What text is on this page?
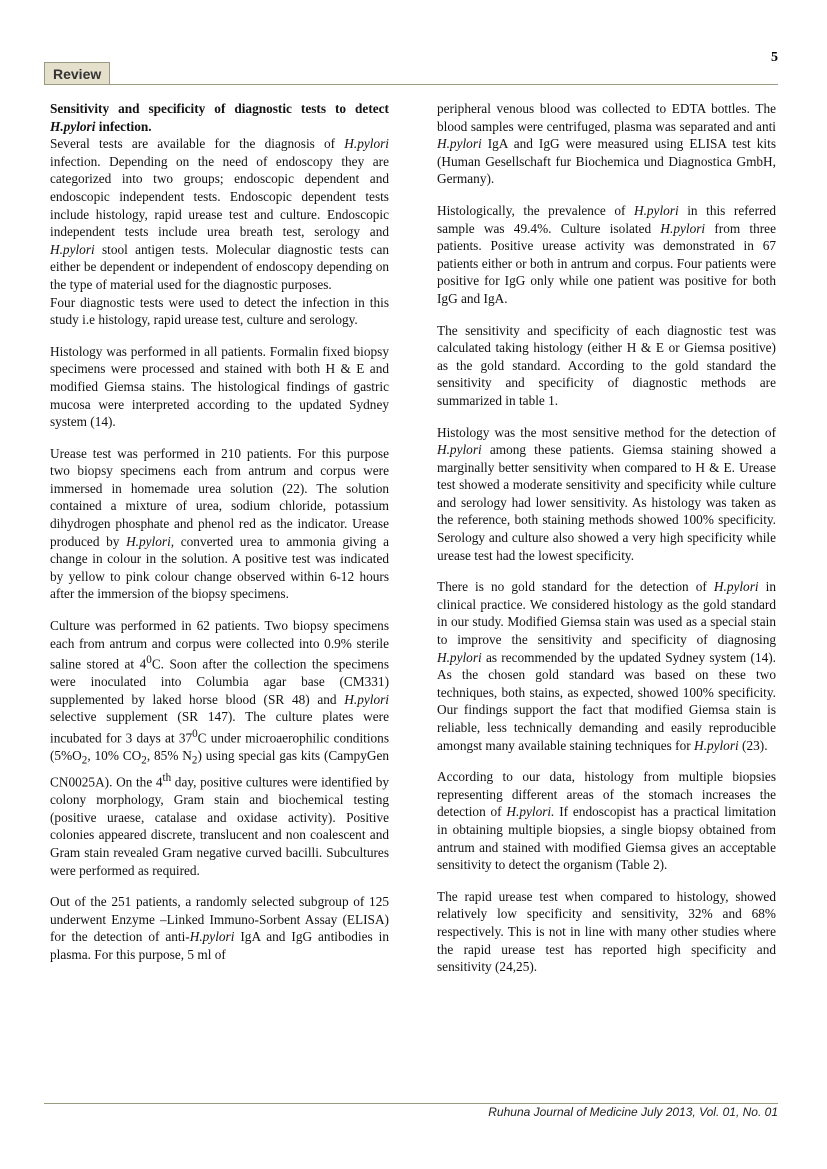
5
Review

Sensitivity and specificity of diagnostic tests to detect H.pylori infection.

Several tests are available for the diagnosis of H.pylori infection. Depending on the need of endoscopy they are categorized into two groups; endoscopic dependent and endoscopic independent tests. Endoscopic dependent tests include histology, rapid urease test and culture. Endoscopic independent tests include urea breath test, serology and H.pylori stool antigen tests. Molecular diagnostic tests can either be dependent or independent of endoscopy depending on the type of material used for the diagnostic purposes.

Four diagnostic tests were used to detect the infection in this study i.e histology, rapid urease test, culture and serology.

Histology was performed in all patients. Formalin fixed biopsy specimens were processed and stained with both H & E and modified Giemsa stains. The histological findings of gastric mucosa were interpreted according to the updated Sydney system (14).

Urease test was performed in 210 patients. For this purpose two biopsy specimens each from antrum and corpus were immersed in homemade urea solution (22). The solution contained a mixture of urea, sodium chloride, potassium dihydrogen phosphate and phenol red as the indicator. Urease produced by H.pylori, converted urea to ammonia giving a change in colour in the solution. A positive test was indicated by yellow to pink colour change observed within 6-12 hours after the immersion of the biopsy specimens.

Culture was performed in 62 patients. Two biopsy specimens each from antrum and corpus were collected into 0.9% sterile saline stored at $4^0C$. Soon after the collection the specimens were inoculated into Columbia agar base (CM331) supplemented by laked horse blood (SR 48) and H.pylori selective supplement (SR 147). The culture plates were incubated for 3 days at $37^0C$ under microaerophilic conditions ($5\%O_2$, 10% $CO_2$, 85% $N_2$) using special gas kits (CampyGen CN0025A). On the 4th day, positive cultures were identified by colony morphology, Gram stain and biochemical testing (positive uraese, catalase and oxidase activity). Positive colonies appeared discrete, translucent and non coalescent and Gram stain revealed Gram negative curved bacilli. Subcultures were performed as required.

Out of the 251 patients, a randomly selected subgroup of 125 underwent Enzyme –Linked Immuno-Sorbent Assay (ELISA) for the detection of anti-H.pylori IgA and IgG antibodies in plasma. For this purpose, 5 ml of

peripheral venous blood was collected to EDTA bottles. The blood samples were centrifuged, plasma was separated and anti H.pylori IgA and IgG were measured using ELISA test kits (Human Gesellschaft fur Biochemica und Diagnostica GmbH, Germany).

Histologically, the prevalence of H.pylori in this referred sample was 49.4%. Culture isolated H.pylori from three patients. Positive urease activity was demonstrated in 67 patients either or both in antrum and corpus. Four patients were positive for IgG only while one patient was positive for both IgG and IgA.

The sensitivity and specificity of each diagnostic test was calculated taking histology (either H & E or Giemsa positive) as the gold standard. According to the gold standard the sensitivity and specificity of diagnostic methods are summarized in table 1.

Histology was the most sensitive method for the detection of H.pylori among these patients. Giemsa staining showed a marginally better sensitivity when compared to H & E. Urease test showed a moderate sensitivity and specificity while culture and serology had lower sensitivity. As histology was taken as the reference, both staining methods showed 100% specificity. Serology and culture also showed a very high specificity while urease test had the lowest specificity.

There is no gold standard for the detection of H.pylori in clinical practice. We considered histology as the gold standard in our study. Modified Giemsa stain was used as a special stain to improve the sensitivity and specificity of diagnosing H.pylori as recommended by the updated Sydney system (14). As the chosen gold standard was based on these two techniques, both stains, as expected, showed 100% specificity. Our findings support the fact that modified Giemsa stain is reliable, less technically demanding and easily reproducible amongst many available staining techniques for H.pylori (23).

According to our data, histology from multiple biopsies representing different areas of the stomach increases the detection of H.pylori. If endoscopist has a practical limitation in obtaining multiple biopsies, a single biopsy obtained from antrum and stained with modified Giemsa gives an acceptable sensitivity to detect the organism (Table 2).

The rapid urease test when compared to histology, showed relatively low specificity and sensitivity, 32% and 68% respectively. This is not in line with many other studies where the rapid urease test has reported high specificity and sensitivity (24,25).

Ruhuna Journal of Medicine July 2013, Vol. 01, No. 01
